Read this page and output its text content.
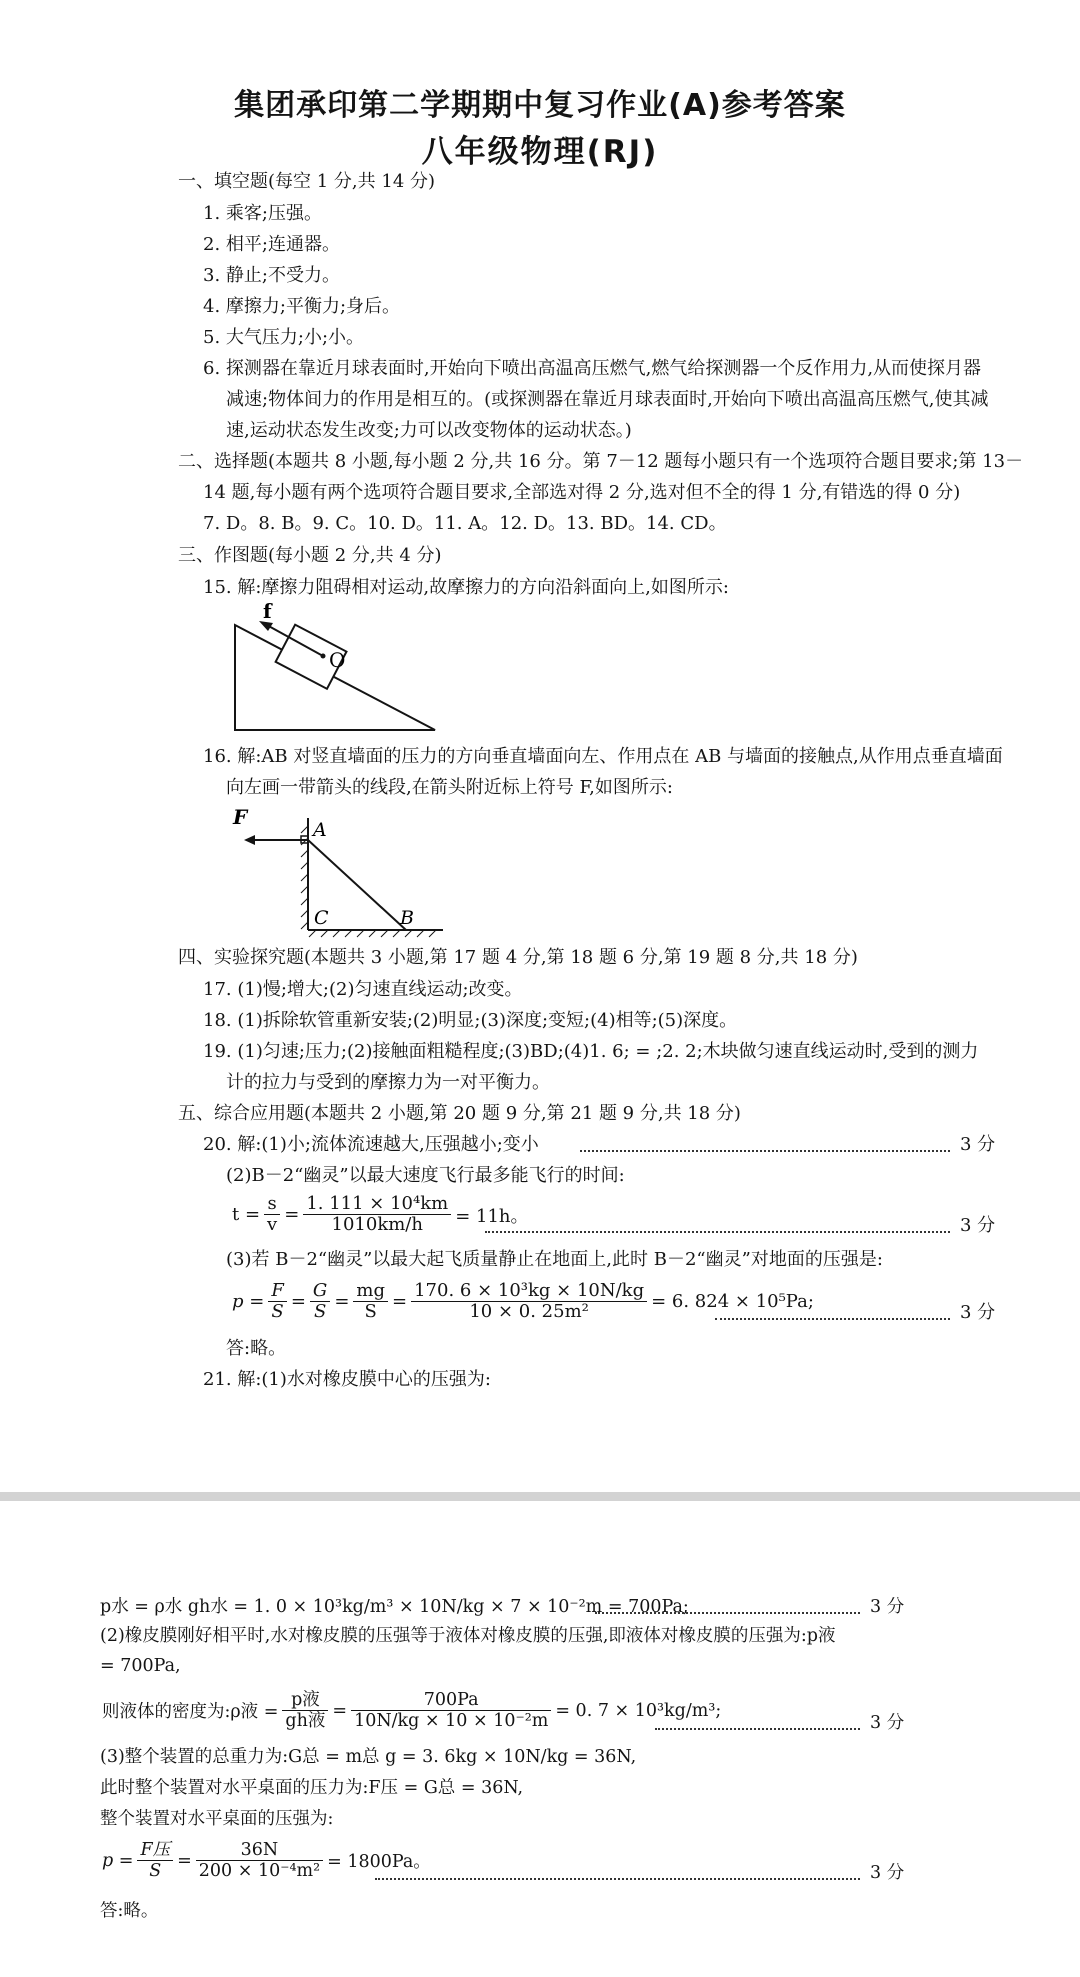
集团承印第二学期期中复习作业(A)参考答案
八年级物理(RJ)
一、填空题(每空 1 分,共 14 分)
1. 乘客;压强。
2. 相平;连通器。
3. 静止;不受力。
4. 摩擦力;平衡力;身后。
5. 大气压力;小;小。
6. 探测器在靠近月球表面时,开始向下喷出高温高压燃气,燃气给探测器一个反作用力,从而使探月器
减速;物体间力的作用是相互的。(或探测器在靠近月球表面时,开始向下喷出高温高压燃气,使其减
速,运动状态发生改变;力可以改变物体的运动状态。)
二、选择题(本题共 8 小题,每小题 2 分,共 16 分。第 7－12 题每小题只有一个选项符合题目要求;第 13－
14 题,每小题有两个选项符合题目要求,全部选对得 2 分,选对但不全的得 1 分,有错选的得 0 分)
7. D。8. B。9. C。10. D。11. A。12. D。13. BD。14. CD。
三、作图题(每小题 2 分,共 4 分)
15. 解:摩擦力阻碍相对运动,故摩擦力的方向沿斜面向上,如图所示:
f
O
16. 解:AB 对竖直墙面的压力的方向垂直墙面向左、作用点在 AB 与墙面的接触点,从作用点垂直墙面
向左画一带箭头的线段,在箭头附近标上符号 F,如图所示:
F
A
C	B
四、实验探究题(本题共 3 小题,第 17 题 4 分,第 18 题 6 分,第 19 题 8 分,共 18 分)
17. (1)慢;增大;(2)匀速直线运动;改变。
18. (1)拆除软管重新安装;(2)明显;(3)深度;变短;(4)相等;(5)深度。
19. (1)匀速;压力;(2)接触面粗糙程度;(3)BD;(4)1. 6; = ;2. 2;木块做匀速直线运动时,受到的测力
计的拉力与受到的摩擦力为一对平衡力。
五、综合应用题(本题共 2 小题,第 20 题 9 分,第 21 题 9 分,共 18 分)
20. 解:(1)小;流体流速越大,压强越小;变小	3 分
(2)B－2“幽灵”以最大速度飞行最多能飞行的时间:
$t = \frac{s}{v} = \frac{\text{1. 111 × 10⁴km}}{1010km/h} = 11h$。	3 分
(3)若 B－2“幽灵”以最大起飞质量静止在地面上,此时 B－2“幽灵”对地面的压强是:
$p = \frac{F}{S} = \frac{G}{S} = \frac{mg}{S} = \frac{\text{170. 6 × 10³kg × 10N/kg}}{\text{10 × 0. 25m²}} = 6$. 824 × 10⁵Pa;
3 分
答:略。
21. 解:(1)水对橡皮膜中心的压强为:
p水 = ρ水 gh水 = 1. 0 × 10³kg/m³ × 10N/kg × 7 × 10⁻²m = 700Pa;	3 分
(2)橡皮膜刚好相平时,水对橡皮膜的压强等于液体对橡皮膜的压强,即液体对橡皮膜的压强为:p液
= 700Pa,
则液体的密度为:ρ液 = $\frac{\text{p液}}{\text{gh液}} = \frac{700Pa}{\text{10N/kg × 10 × 10⁻²m}} = 0$. 7 × 10³kg/m³;
3 分
(3)整个装置的总重力为:G总 = m总 g = 3. 6kg × 10N/kg = 36N,
此时整个装置对水平桌面的压力为:F压 = G总 = 36N,
整个装置对水平桌面的压强为:
$p = \frac{\text{F压}}{S} = \frac{36N}{\text{200 × 10⁻⁴m²}} = 1800Pa$。
3 分
答:略。
